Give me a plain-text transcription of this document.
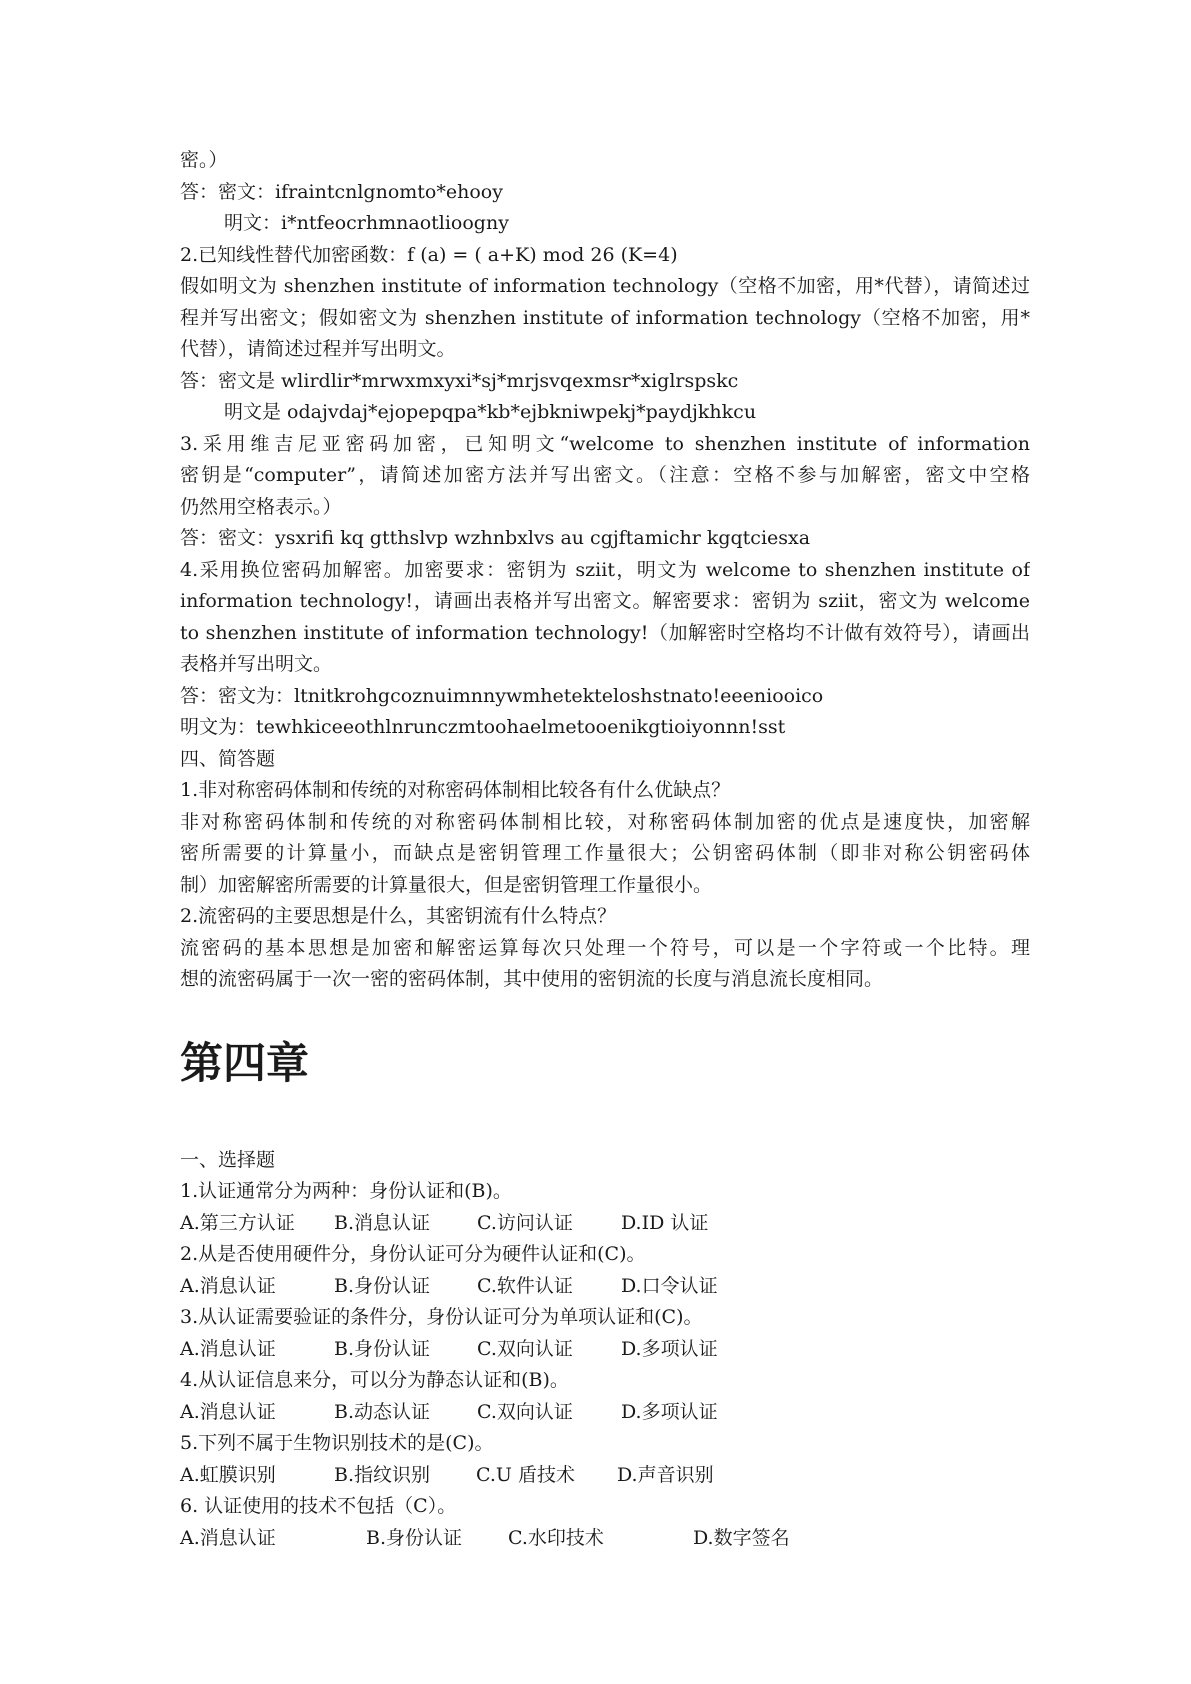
密。）
答：密文：ifraintcnlgnomto*ehooy
明文：i*ntfeocrhmnaotlioogny
2.已知线性替代加密函数：f (a) = ( a+K) mod 26 (K=4)
假如明文为 shenzhen institute of information technology（空格不加密，用*代替），请简述过
程并写出密文；假如密文为 shenzhen institute of information technology（空格不加密，用*
代替），请简述过程并写出明文。
答：密文是 wlirdlir*mrwxmxyxi*sj*mrjsvqexmsr*xiglrspskc
明文是 odajvdaj*ejopepqpa*kb*ejbkniwpekj*paydjkhkcu
3.采用维吉尼亚密码加密，已知明文“welcome to shenzhen institute of information
密钥是“computer”，请简述加密方法并写出密文。（注意：空格不参与加解密，密文中空格
仍然用空格表示。）
答：密文：ysxrifi kq gtthslvp wzhnbxlvs au cgjftamichr kgqtciesxa
4.采用换位密码加解密。加密要求：密钥为 sziit，明文为 welcome to shenzhen institute of
information technology!，请画出表格并写出密文。解密要求：密钥为 sziit，密文为 welcome
to shenzhen institute of information technology!（加解密时空格均不计做有效符号），请画出
表格并写出明文。
答：密文为：ltnitkrohgcoznuimnnywmhetekteloshstnato!eeeniooico
明文为：tewhkiceeothlnrunczmtoohaelmetooenikgtioiyonnn!sst
四、简答题
1.非对称密码体制和传统的对称密码体制相比较各有什么优缺点？
非对称密码体制和传统的对称密码体制相比较，对称密码体制加密的优点是速度快，加密解
密所需要的计算量小，而缺点是密钥管理工作量很大；公钥密码体制（即非对称公钥密码体
制）加密解密所需要的计算量很大，但是密钥管理工作量很小。
2.流密码的主要思想是什么，其密钥流有什么特点？
流密码的基本思想是加密和解密运算每次只处理一个符号，可以是一个字符或一个比特。理
想的流密码属于一次一密的密码体制，其中使用的密钥流的长度与消息流长度相同。
第四章
一、选择题
1.认证通常分为两种：身份认证和(B)。
A.第三方认证	B.消息认证	C.访问认证	D.ID 认证
2.从是否使用硬件分，身份认证可分为硬件认证和(C)。
A.消息认证	B.身份认证	C.软件认证	D.口令认证
3.从认证需要验证的条件分，身份认证可分为单项认证和(C)。
A.消息认证	B.身份认证	C.双向认证	D.多项认证
4.从认证信息来分，可以分为静态认证和(B)。
A.消息认证	B.动态认证	C.双向认证	D.多项认证
5.下列不属于生物识别技术的是(C)。
A.虹膜识别	B.指纹识别	C.U 盾技术	D.声音识别
6. 认证使用的技术不包括（C）。
A.消息认证	B.身份认证	C.水印技术	D.数字签名
